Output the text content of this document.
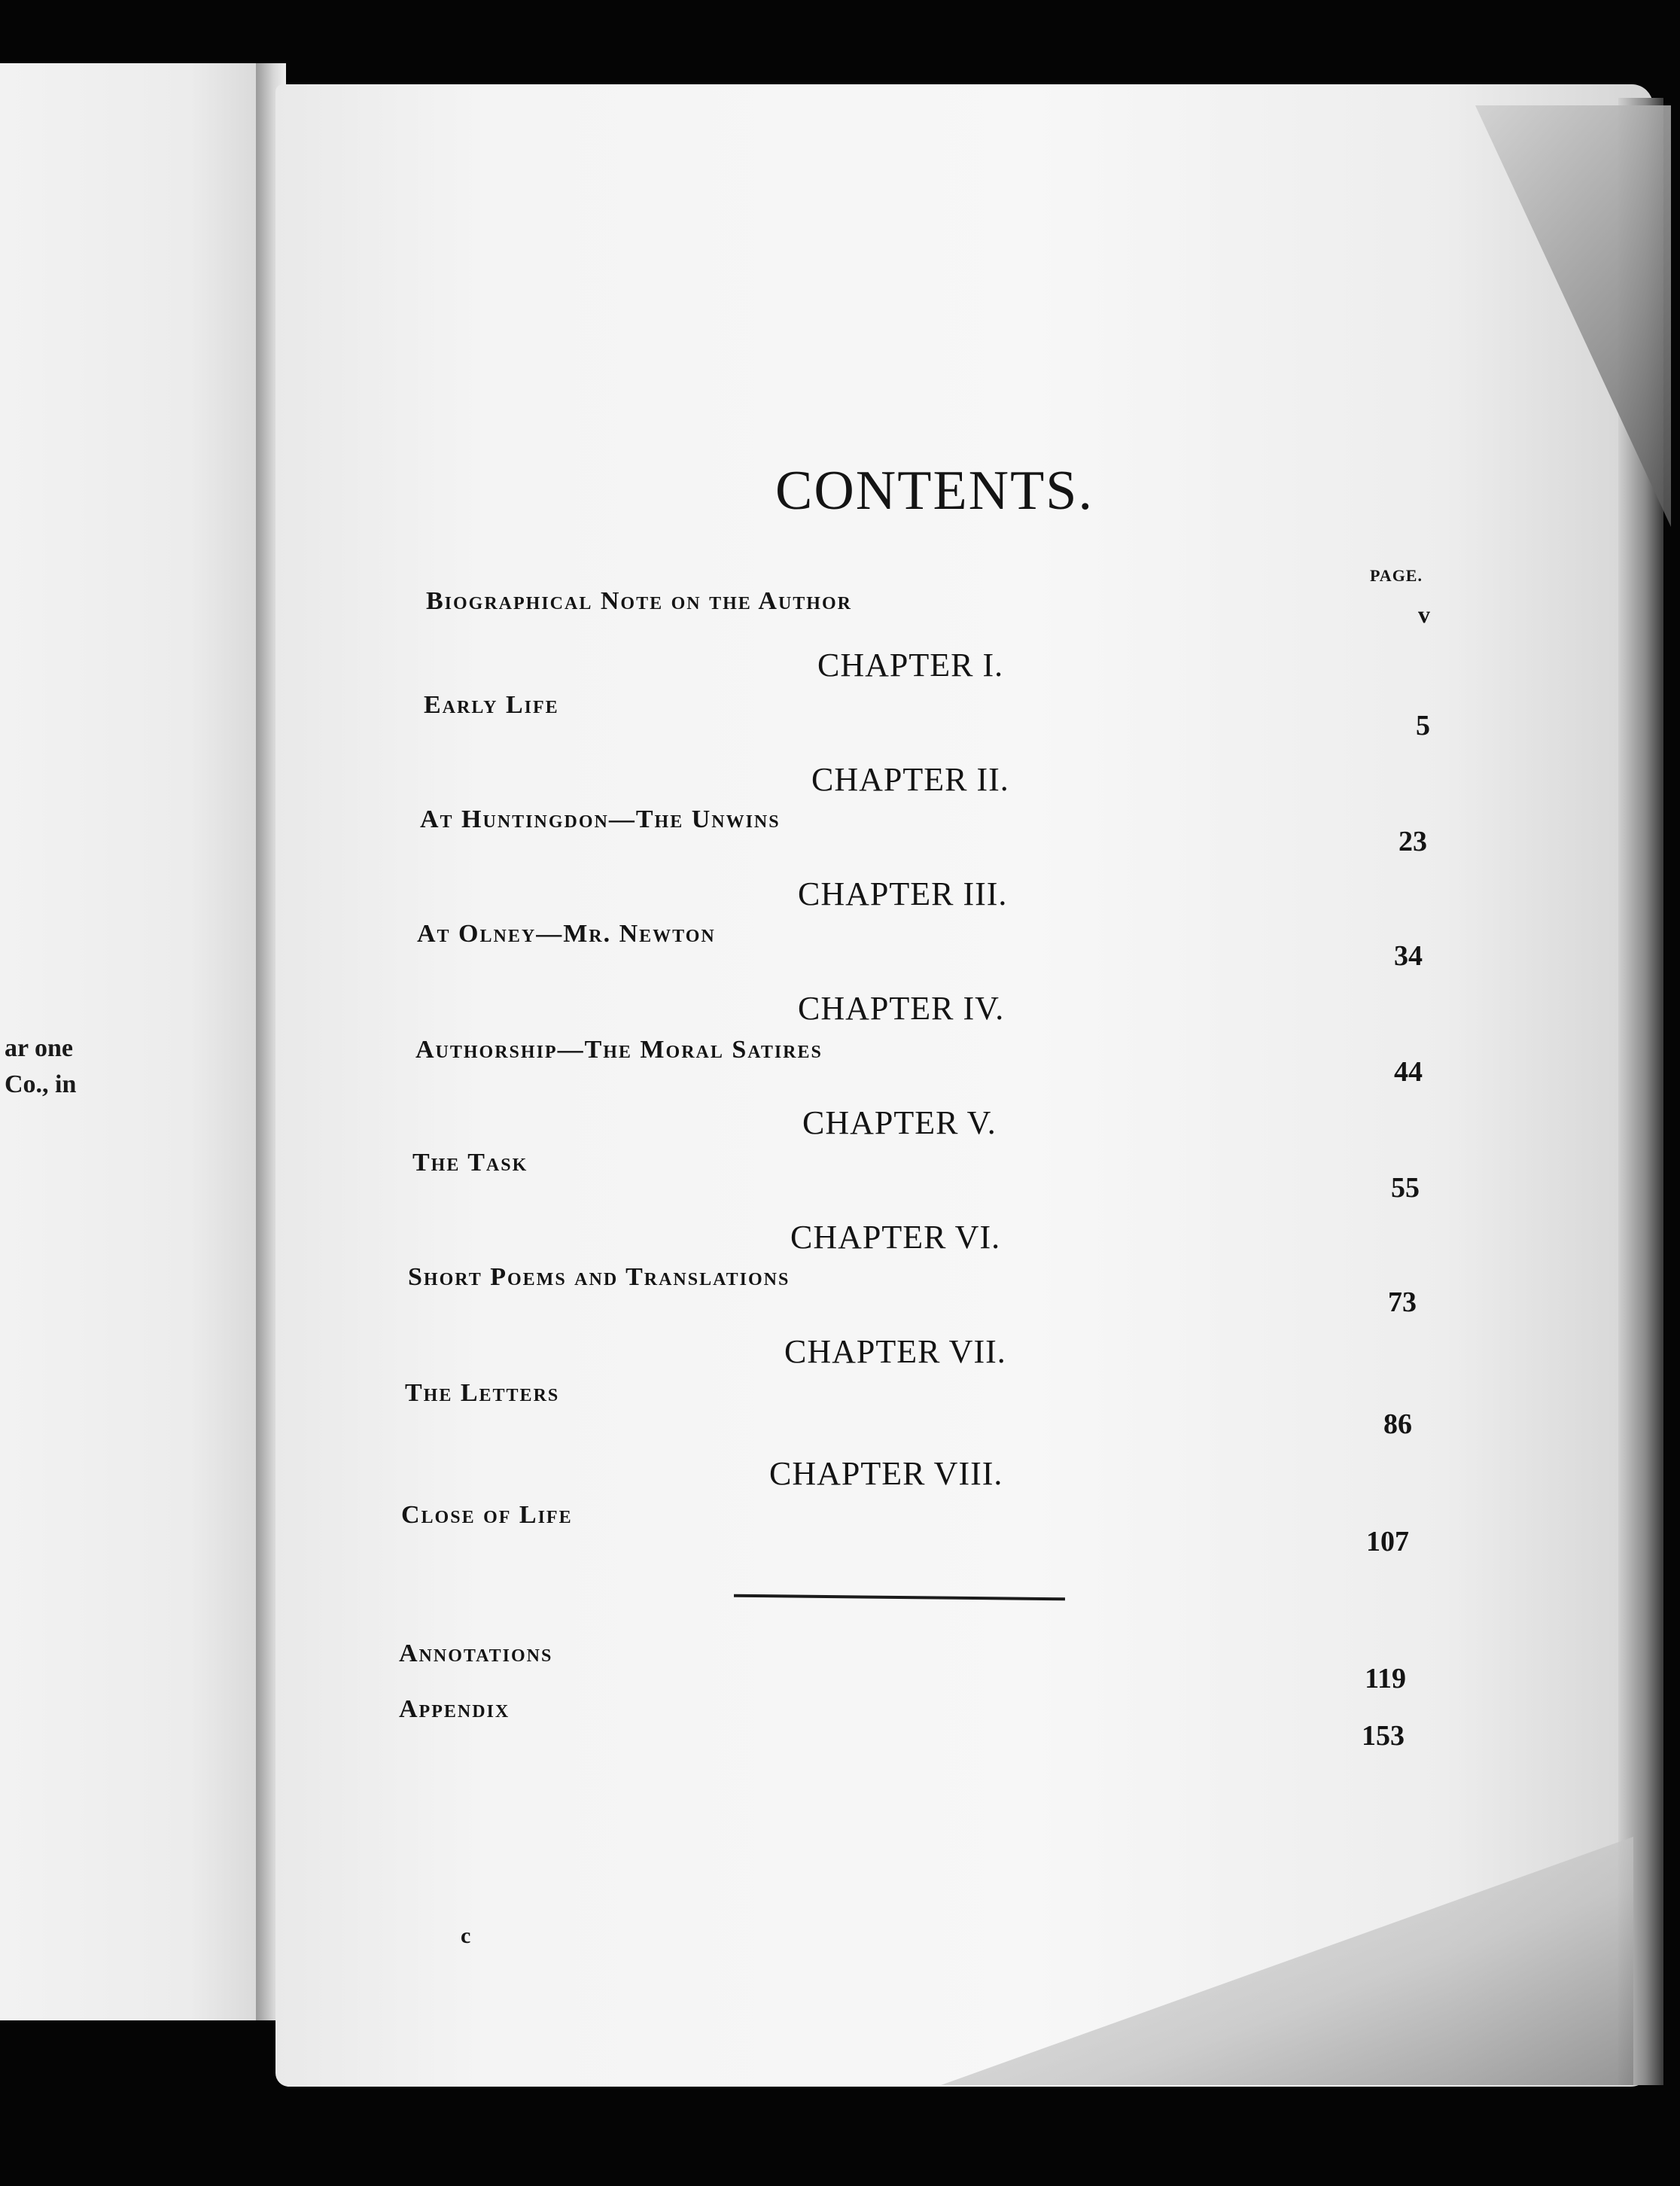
ar one
Co., in
CONTENTS.
PAGE.
Biographical Note on the Author	v
CHAPTER I.
Early Life
5
CHAPTER II.
At Huntingdon—The Unwins
23
CHAPTER III.
At Olney—Mr. Newton
34
CHAPTER IV.
Authorship—The Moral Satires
44
CHAPTER V.
The Task
55
CHAPTER VI.
Short Poems and Translations
73
CHAPTER VII.
The Letters
86
CHAPTER VIII.
Close of Life
107
Annotations
119
Appendix
153
c
